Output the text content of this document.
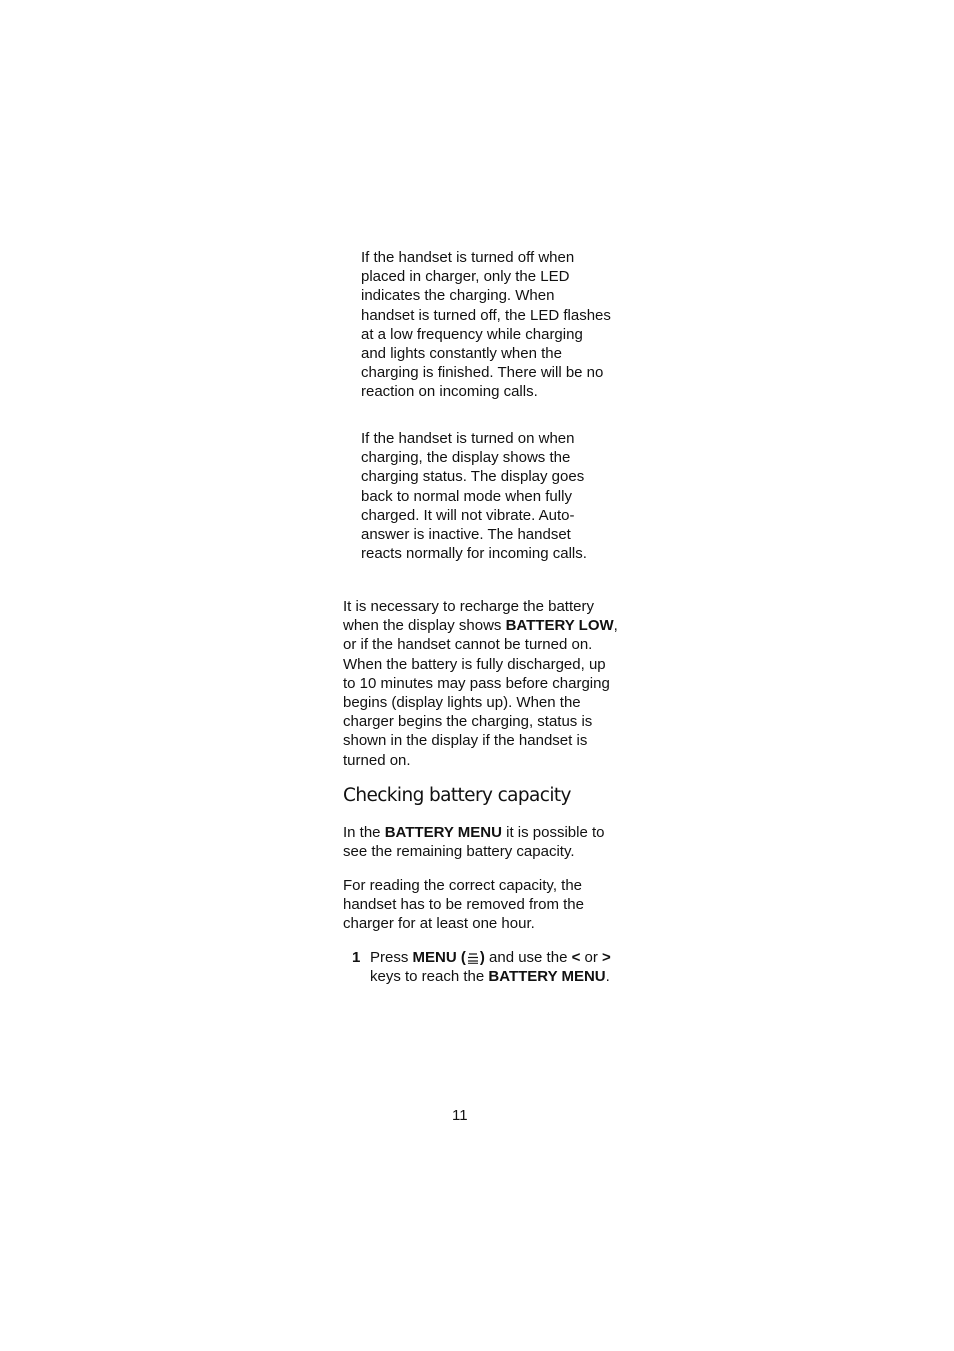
If the handset is turned off when placed in charger, only the LED indicates the charging. When handset is turned off, the LED flashes at a low frequency while charging and lights constantly when the charging is finished. There will be no reaction on incoming calls.

If the handset is turned on when charging, the display shows the charging status. The display goes back to normal mode when fully charged. It will not vibrate. Auto-answer is inactive. The handset reacts normally for incoming calls.

It is necessary to recharge the battery when the display shows BATTERY LOW, or if the handset cannot be turned on. When the battery is fully discharged, up to 10 minutes may pass before charging begins (display lights up). When the charger begins the charging, status is shown in the display if the handset is turned on.

Checking battery capacity

In the BATTERY MENU it is possible to see the remaining battery capacity.

For reading the correct capacity, the handset has to be removed from the charger for at least one hour.

1 Press MENU ( ) and use the < or > keys to reach the BATTERY MENU.
11
